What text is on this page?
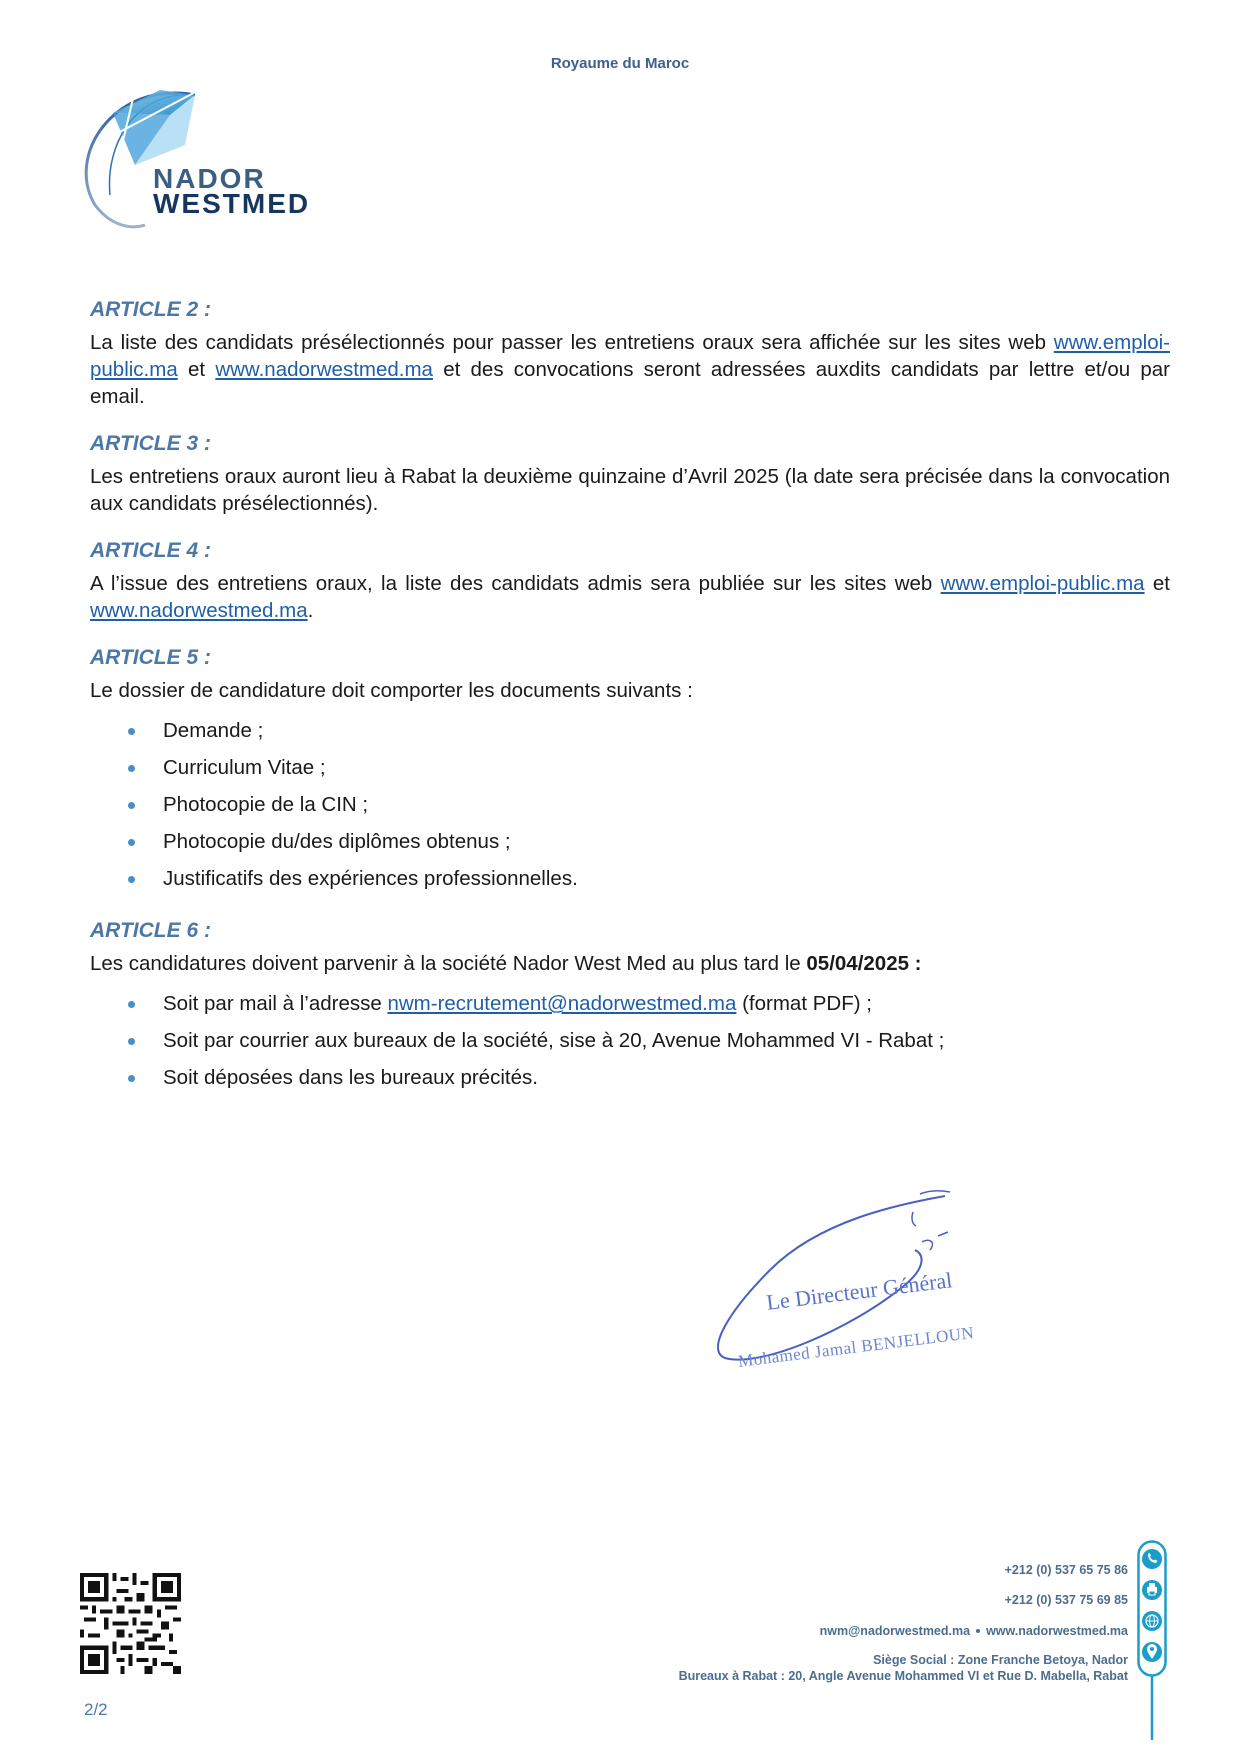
Royaume du Maroc
NADOR
WESTMED
ARTICLE 2 :

La liste des candidats présélectionnés pour passer les entretiens oraux sera affichée sur les sites web www.emploi-public.ma et www.nadorwestmed.ma et des convocations seront adressées auxdits candidats par lettre et/ou par email.

ARTICLE 3 :

Les entretiens oraux auront lieu à Rabat la deuxième quinzaine d’Avril 2025 (la date sera précisée dans la convocation aux candidats présélectionnés).

ARTICLE 4 :

A l’issue des entretiens oraux, la liste des candidats admis sera publiée sur les sites web www.emploi-public.ma et www.nadorwestmed.ma.

ARTICLE 5 :

Le dossier de candidature doit comporter les documents suivants :

Demande ;
Curriculum Vitae ;
Photocopie de la CIN ;
Photocopie du/des diplômes obtenus ;
Justificatifs des expériences professionnelles.
ARTICLE 6 :

Les candidatures doivent parvenir à la société Nador West Med au plus tard le 05/04/2025 :

Soit par mail à l’adresse nwm-recrutement@nadorwestmed.ma (format PDF) ;
Soit par courrier aux bureaux de la société, sise à 20, Avenue Mohammed VI - Rabat ;
Soit déposées dans les bureaux précités.
Le Directeur Général
Mohamed Jamal BENJELLOUN
2/2
+212 (0) 537 65 75 86
+212 (0) 537 75 69 85
nwm@nadorwestmed.ma www.nadorwestmed.ma
Siège Social : Zone Franche Betoya, Nador
Bureaux à Rabat : 20, Angle Avenue Mohammed VI et Rue D. Mabella, Rabat
